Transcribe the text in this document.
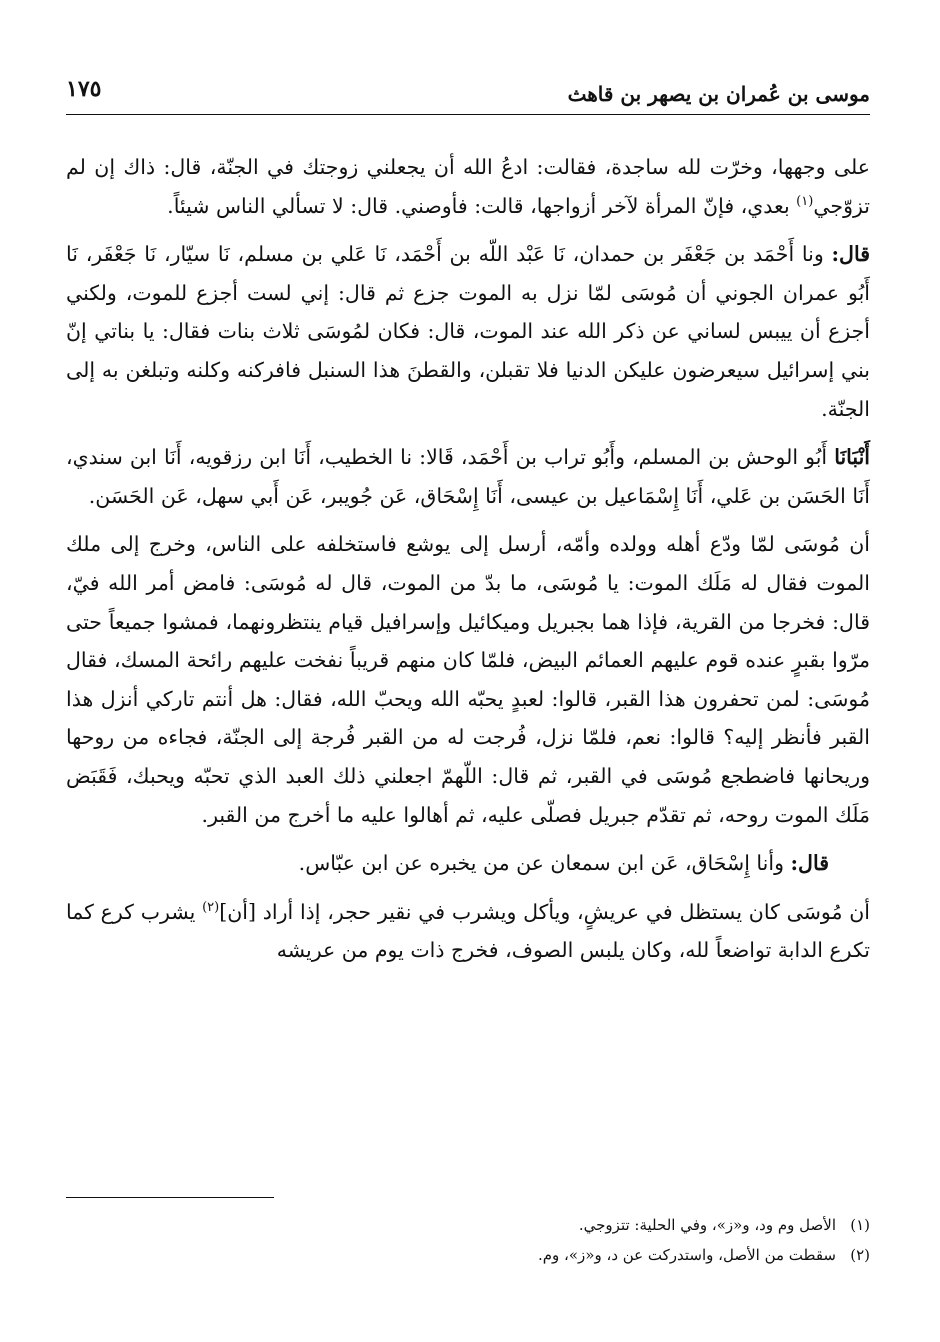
موسى بن عُمران بن يصهر بن قاهث
١٧٥

على وجهها، وخرّت لله ساجدة، فقالت: ادعُ الله أن يجعلني زوجتك في الجنّة، قال: ذاك إن لم تزوّجي$^{(١)}$ بعدي، فإنّ المرأة لآخر أزواجها، قالت: فأوصني. قال: لا تسألي الناس شيئاً.

قال: ونا أَحْمَد بن جَعْفَر بن حمدان، نَا عَبْد اللّه بن أَحْمَد، نَا عَلي بن مسلم، نَا سيّار، نَا جَعْفَر، نَا أَبُو عمران الجوني أن مُوسَى لمّا نزل به الموت جزع ثم قال: إني لست أجزع للموت، ولكني أجزع أن ييبس لساني عن ذكر الله عند الموت، قال: فكان لمُوسَى ثلاث بنات فقال: يا بناتي إنّ بني إسرائيل سيعرضون عليكن الدنيا فلا تقبلن، والقطنَ هذا السنبل فافركنه وكلنه وتبلغن به إلى الجنّة.

أَنْبَانَا أَبُو الوحش بن المسلم، وأَبُو تراب بن أَحْمَد، قَالا: نا الخطيب، أَنَا ابن رزقويه، أَنَا ابن سندي، أَنَا الحَسَن بن عَلي، أَنَا إِسْمَاعيل بن عيسى، أَنَا إِسْحَاق، عَن جُويبر، عَن أَبي سهل، عَن الحَسَن.

أن مُوسَى لمّا ودّع أهله وولده وأمّه، أرسل إلى يوشع فاستخلفه على الناس، وخرج إلى ملك الموت فقال له مَلَك الموت: يا مُوسَى، ما بدّ من الموت، قال له مُوسَى: فامض أمر الله فيّ، قال: فخرجا من القرية، فإذا هما بجبريل وميكائيل وإسرافيل قيام ينتظرونهما، فمشوا جميعاً حتى مرّوا بقبرٍ عنده قوم عليهم العمائم البيض، فلمّا كان منهم قريباً نفخت عليهم رائحة المسك، فقال مُوسَى: لمن تحفرون هذا القبر، قالوا: لعبدٍ يحبّه الله ويحبّ الله، فقال: هل أنتم تاركي أنزل هذا القبر فأنظر إليه؟ قالوا: نعم، فلمّا نزل، فُرجت له من القبر فُرجة إلى الجنّة، فجاءه من روحها وريحانها فاضطجع مُوسَى في القبر، ثم قال: اللّهمّ اجعلني ذلك العبد الذي تحبّه ويحبك، فَقَبَض مَلَك الموت روحه، ثم تقدّم جبريل فصلّى عليه، ثم أهالوا عليه ما أخرج من القبر.

  قال: وأنا إِسْحَاق، عَن ابن سمعان عن من يخبره عن ابن عبّاس.

أن مُوسَى كان يستظل في عريشٍ، ويأكل ويشرب في نقير حجر، إذا أراد [أن]$^{(٢)}$ يشرب كرع كما تكرع الدابة تواضعاً لله، وكان يلبس الصوف، فخرج ذات يوم من عريشه

(١)الأصل وم ود، و«ز»، وفي الحلية: تتزوجي.

(٢)سقطت من الأصل، واستدركت عن د، و«ز»، وم.
